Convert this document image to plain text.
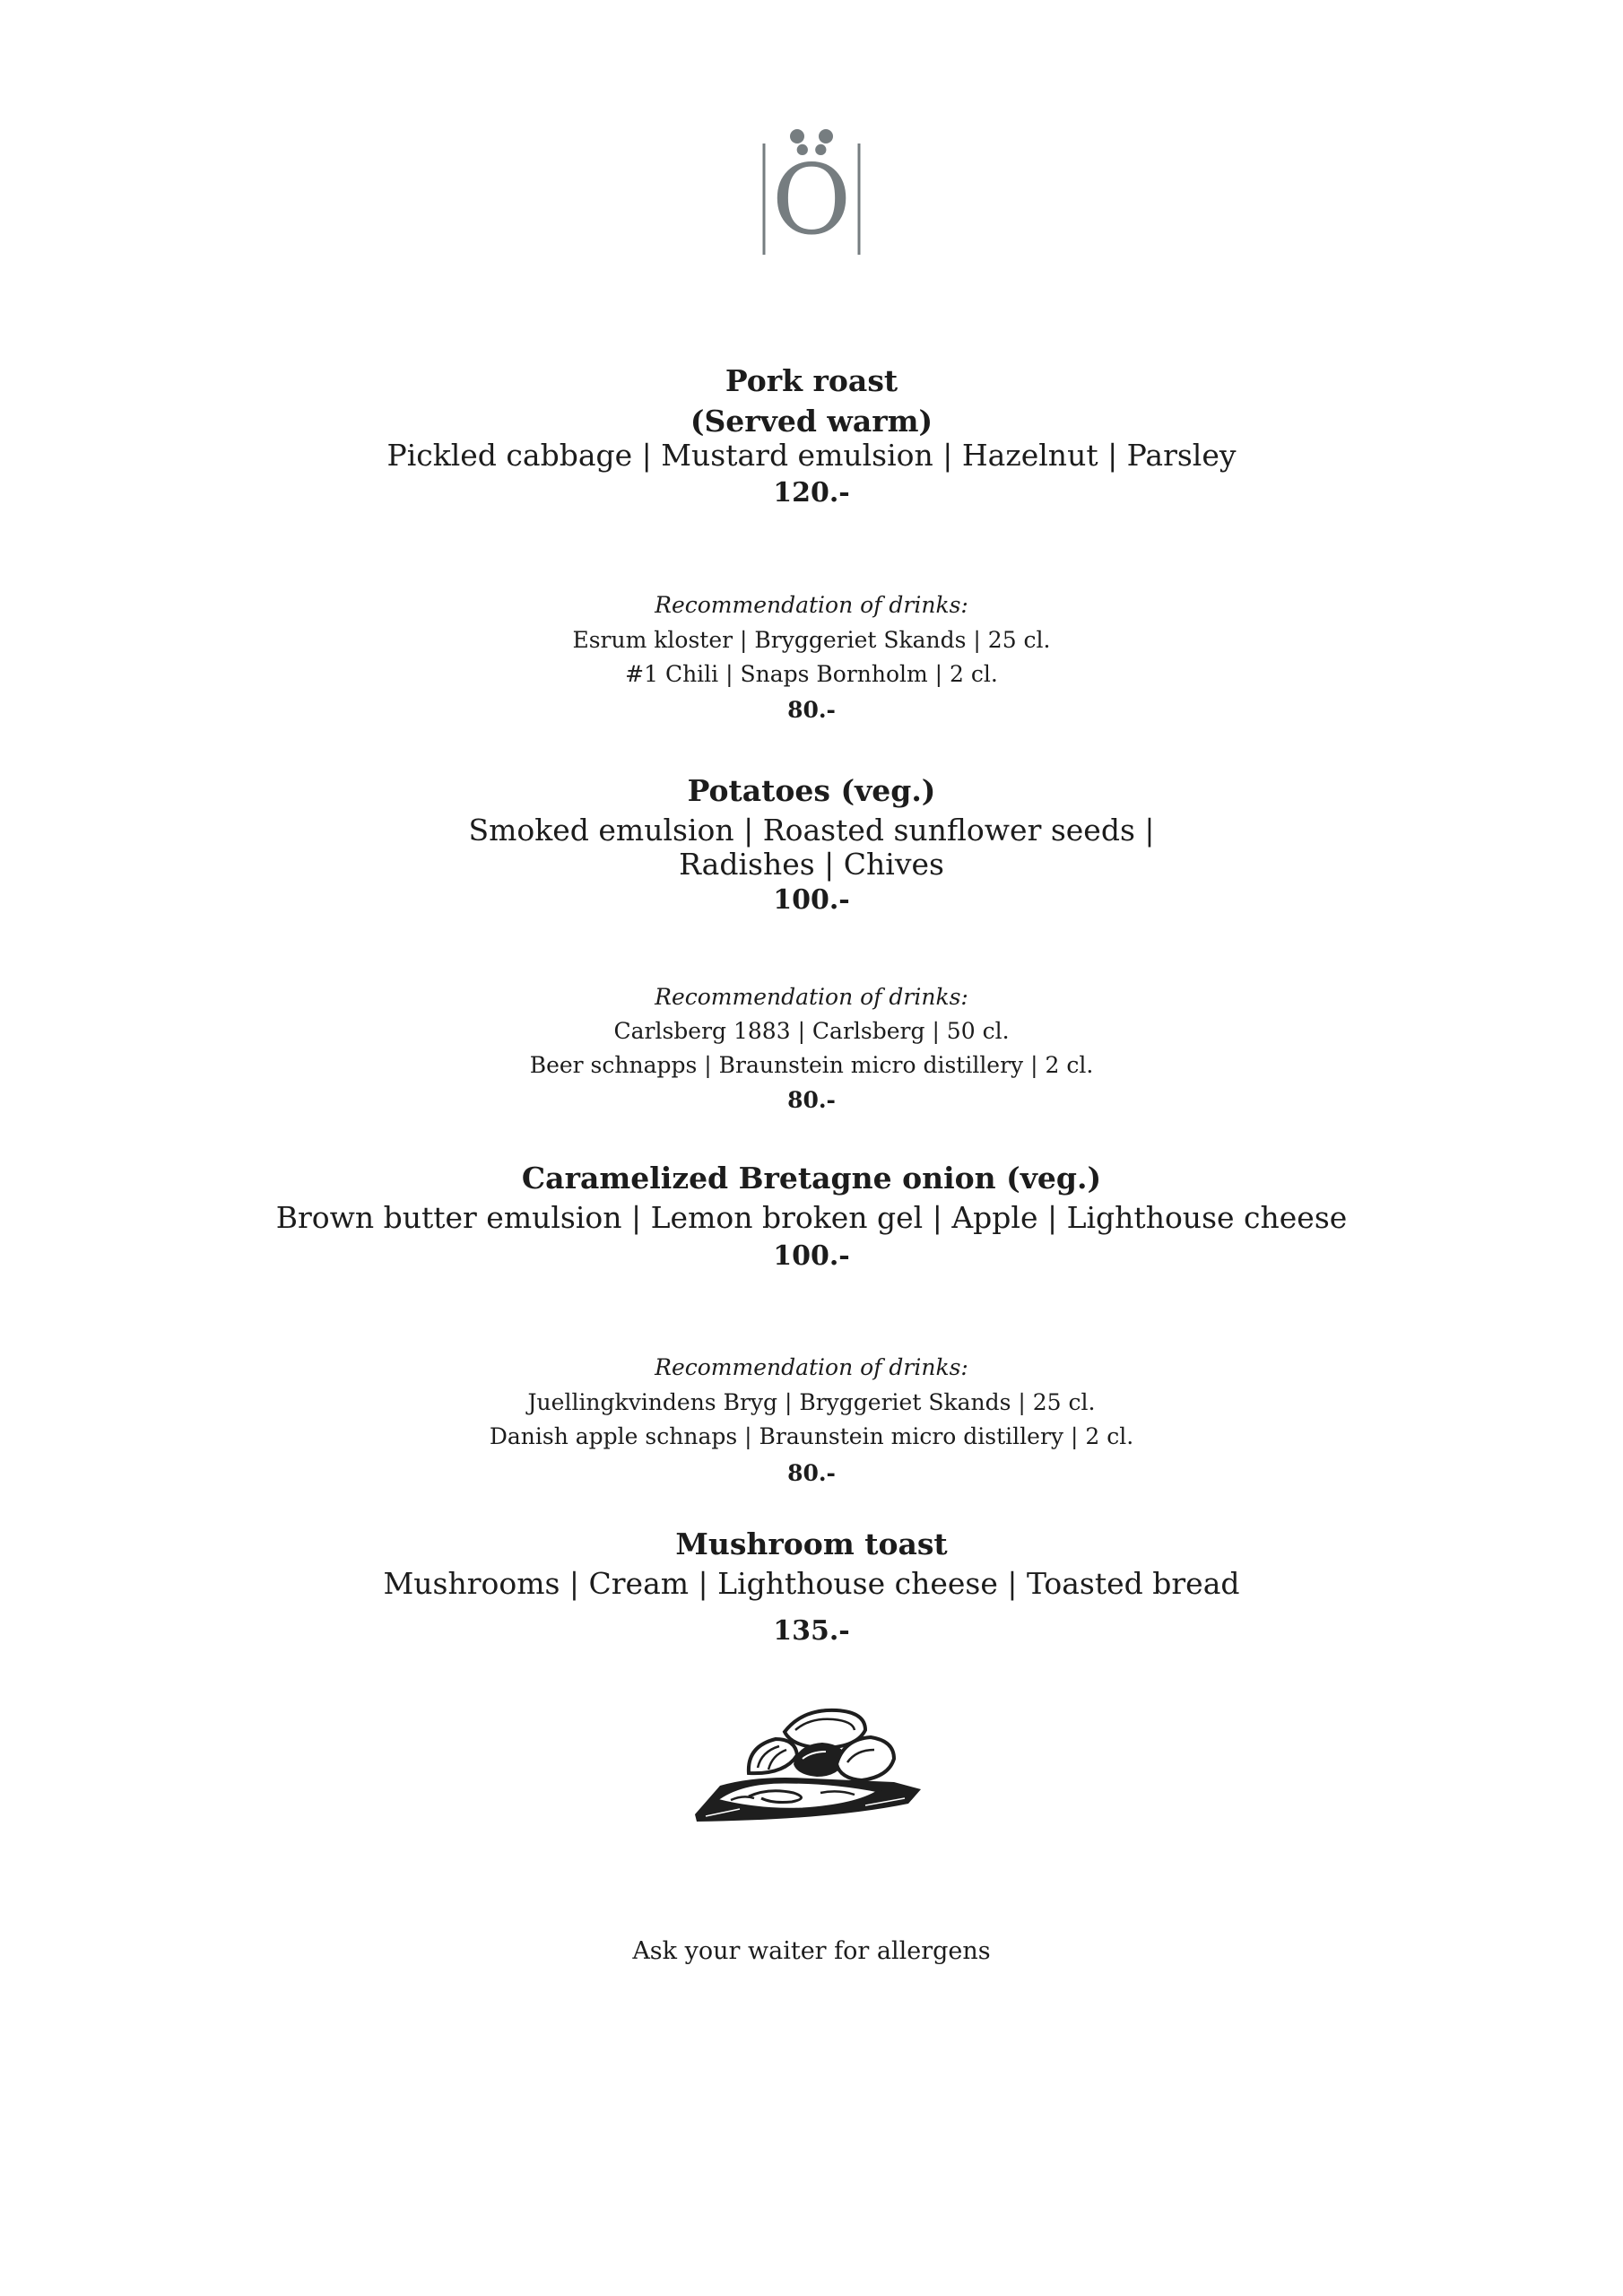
Ö
Pork roast
(Served warm)
Pickled cabbage | Mustard emulsion | Hazelnut | Parsley
120.-
Recommendation of drinks:
Esrum kloster | Bryggeriet Skands | 25 cl.
#1 Chili | Snaps Bornholm | 2 cl.
80.-
Potatoes (veg.)
Smoked emulsion | Roasted sunflower seeds |
Radishes | Chives
100.-
Recommendation of drinks:
Carlsberg 1883 | Carlsberg | 50 cl.
Beer schnapps | Braunstein micro distillery | 2 cl.
80.-
Caramelized Bretagne onion (veg.)
Brown butter emulsion | Lemon broken gel | Apple | Lighthouse cheese
100.-
Recommendation of drinks:
Juellingkvindens Bryg | Bryggeriet Skands | 25 cl.
Danish apple schnaps | Braunstein micro distillery | 2 cl.
80.-
Mushroom toast
Mushrooms | Cream | Lighthouse cheese | Toasted bread
135.-
Ask your waiter for allergens
